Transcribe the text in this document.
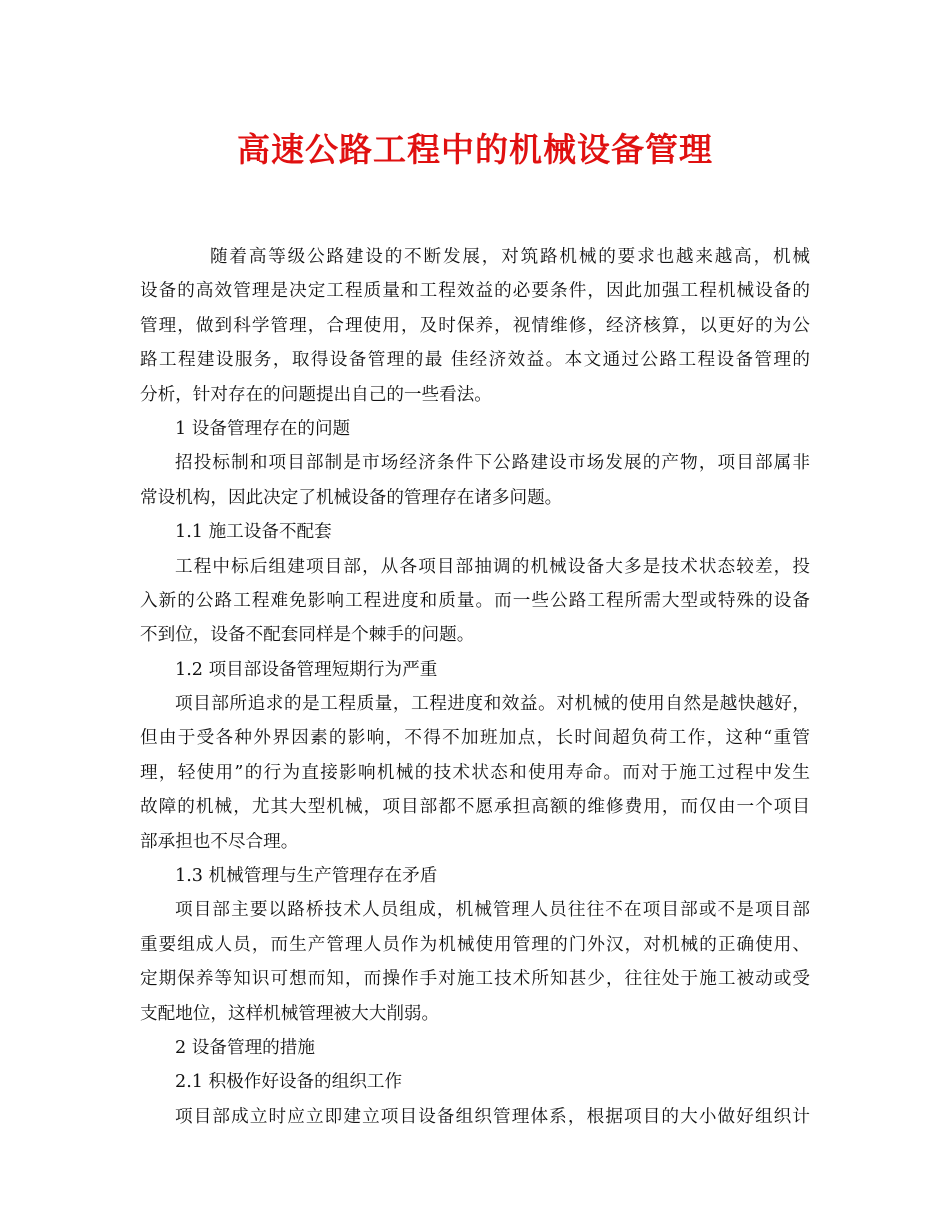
高速公路工程中的机械设备管理
随着高等级公路建设的不断发展，对筑路机械的要求也越来越高，机械
设备的高效管理是决定工程质量和工程效益的必要条件，因此加强工程机械设备的
管理，做到科学管理，合理使用，及时保养，视情维修，经济核算，以更好的为公
路工程建设服务，取得设备管理的最 佳经济效益。本文通过公路工程设备管理的
分析，针对存在的问题提出自己的一些看法。
1 设备管理存在的问题
招投标制和项目部制是市场经济条件下公路建设市场发展的产物，项目部属非
常设机构，因此决定了机械设备的管理存在诸多问题。
1.1 施工设备不配套
工程中标后组建项目部，从各项目部抽调的机械设备大多是技术状态较差，投
入新的公路工程难免影响工程进度和质量。而一些公路工程所需大型或特殊的设备
不到位，设备不配套同样是个棘手的问题。
1.2 项目部设备管理短期行为严重
项目部所追求的是工程质量，工程进度和效益。对机械的使用自然是越快越好，
但由于受各种外界因素的影响，不得不加班加点，长时间超负荷工作，这种“重管
理，轻使用”的行为直接影响机械的技术状态和使用寿命。而对于施工过程中发生
故障的机械，尤其大型机械，项目部都不愿承担高额的维修费用，而仅由一个项目
部承担也不尽合理。
1.3 机械管理与生产管理存在矛盾
项目部主要以路桥技术人员组成，机械管理人员往往不在项目部或不是项目部
重要组成人员，而生产管理人员作为机械使用管理的门外汉，对机械的正确使用、
定期保养等知识可想而知，而操作手对施工技术所知甚少，往往处于施工被动或受
支配地位，这样机械管理被大大削弱。
2 设备管理的措施
2.1 积极作好设备的组织工作
项目部成立时应立即建立项目设备组织管理体系，根据项目的大小做好组织计
